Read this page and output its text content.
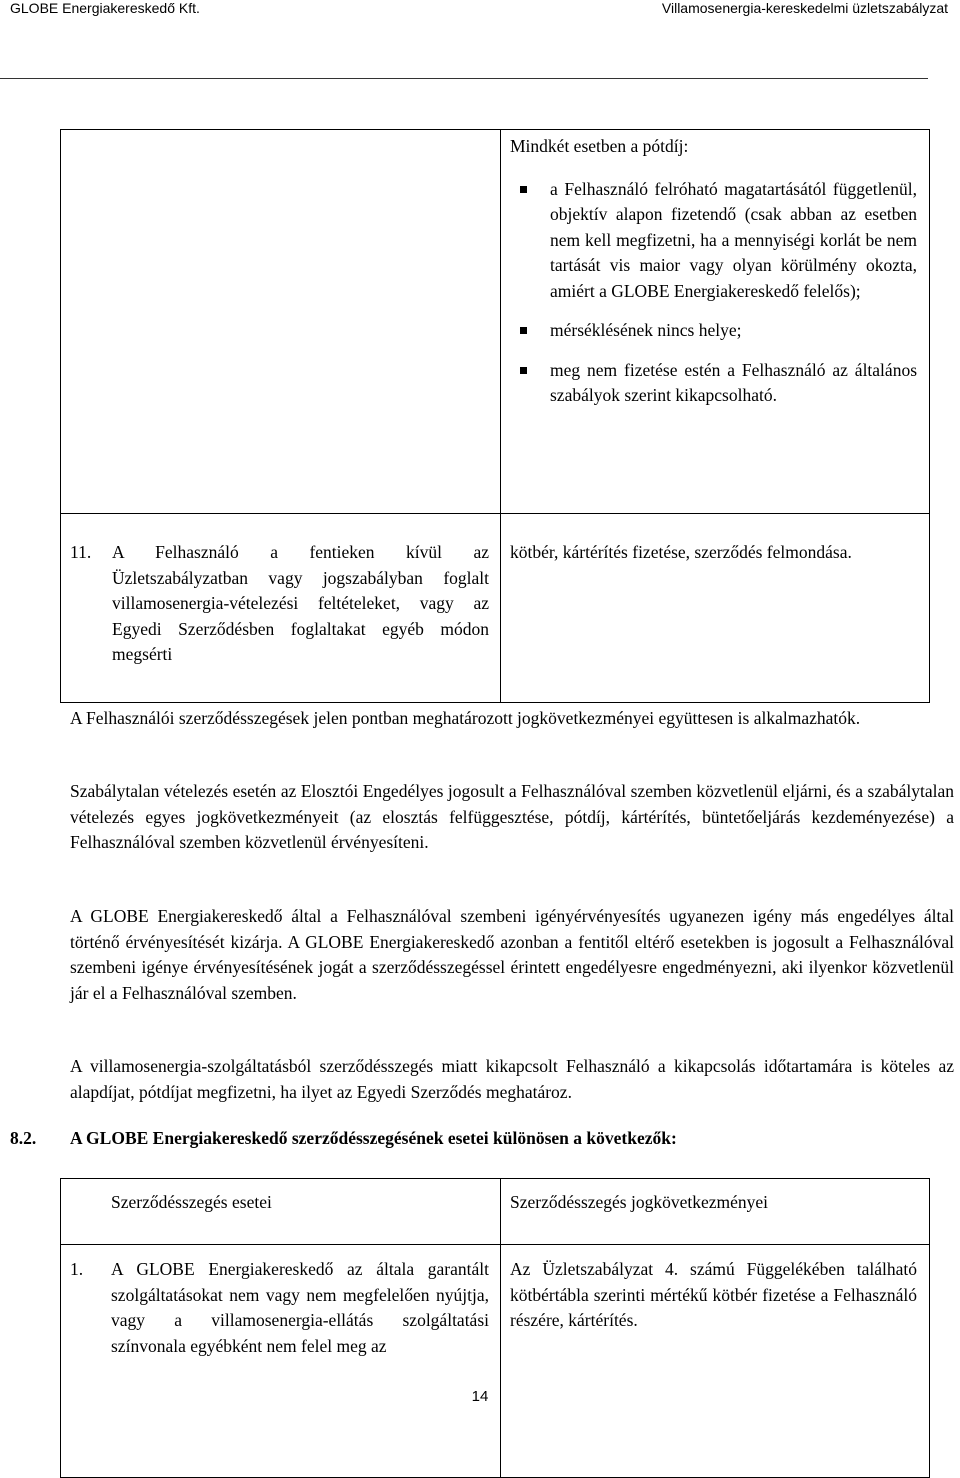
GLOBE Energiakereskedő Kft.	Villamosenergia-kereskedelmi üzletszabályzat

	Mindkét esetben a pótdíj:
a Felhasználó felróható magatartásától függetlenül, objektív alapon fizetendő (csak abban az esetben nem kell megfizetni, ha a mennyiségi korlát be nem tartását vis maior vagy olyan körülmény okozta, amiért a GLOBE Energiakereskedő felelős);
mérséklésének nincs helye;
meg nem fizetése estén a Felhasználó az általános szabályok szerint kikapcsolható.

11. A Felhasználó a fentieken kívül az Üzletszabályzatban vagy jogszabályban foglalt villamosenergia-vételezési feltételeket, vagy az Egyedi Szerződésben foglaltakat egyéb módon megsérti	kötbér, kártérítés fizetése, szerződés felmondása.
A Felhasználói szerződésszegések jelen pontban meghatározott jogkövetkezményei együttesen is alkalmazhatók.
Szabálytalan vételezés esetén az Elosztói Engedélyes jogosult a Felhasználóval szemben közvetlenül eljárni, és a szabálytalan vételezés egyes jogkövetkezményeit (az elosztás felfüggesztése, pótdíj, kártérítés, büntetőeljárás kezdeményezése) a Felhasználóval szemben közvetlenül érvényesíteni.
A GLOBE Energiakereskedő által a Felhasználóval szembeni igényérvényesítés ugyanezen igény más engedélyes által történő érvényesítését kizárja. A GLOBE Energiakereskedő azonban a fentitől eltérő esetekben is jogosult a Felhasználóval szembeni igénye érvényesítésének jogát a szerződésszegéssel érintett engedélyesre engedményezni, aki ilyenkor közvetlenül jár el a Felhasználóval szemben.
A villamosenergia-szolgáltatásból szerződésszegés miatt kikapcsolt Felhasználó a kikapcsolás időtartamára is köteles az alapdíjat, pótdíjat megfizetni, ha ilyet az Egyedi Szerződés meghatároz.
8.2. A GLOBE Energiakereskedő szerződésszegésének esetei különösen a következők:
Szerződésszegés esetei	Szerződésszegés jogkövetkezményei

1. A GLOBE Energiakereskedő az általa garantált szolgáltatásokat nem vagy nem megfelelően nyújtja, vagy a villamosenergia-ellátás szolgáltatási színvonala egyébként nem felel meg az	Az Üzletszabályzat 4. számú Függelékében található kötbértábla szerinti mértékű kötbér fizetése a Felhasználó részére, kártérítés.
14
